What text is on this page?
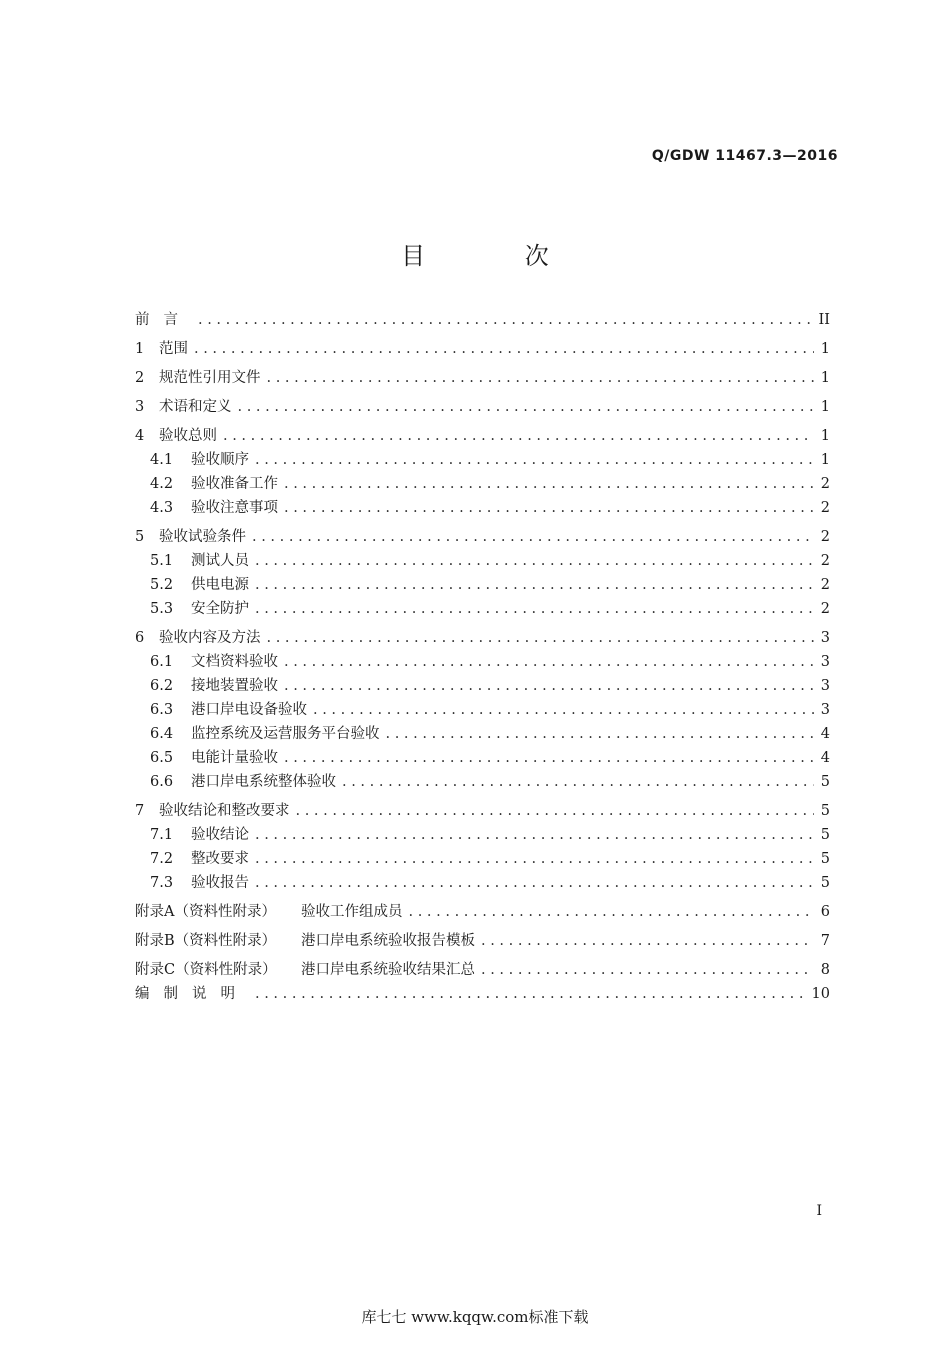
Q/GDW 11467.3—2016
目 次
前言 . . .	II
1	范围 . . .	1
2	规范性引用文件 . . .	1
3	术语和定义 . . .	1
4	验收总则 . . .	1
4.1	验收顺序 . . .	1
4.2	验收准备工作 . . .	2
4.3	验收注意事项 . . .	2
5	验收试验条件 . . .	2
5.1	测试人员 . . .	2
5.2	供电电源 . . .	2
5.3	安全防护 . . .	2
6	验收内容及方法 . . .	3
6.1	文档资料验收 . . .	3
6.2	接地装置验收 . . .	3
6.3	港口岸电设备验收 . . .	3
6.4	监控系统及运营服务平台验收 . . .	4
6.5	电能计量验收 . . .	4
6.6	港口岸电系统整体验收 . . .	5
7	验收结论和整改要求 . . .	5
7.1	验收结论 . . .	5
7.2	整改要求 . . .	5
7.3	验收报告 . . .	5
附录A（资料性附录）	验收工作组成员 . . .	6
附录B（资料性附录）	港口岸电系统验收报告模板 . . .	7
附录C（资料性附录）	港口岸电系统验收结果汇总 . . .	8
编制说明 . . .	10
I
库七七 www.kqqw.com标准下载
